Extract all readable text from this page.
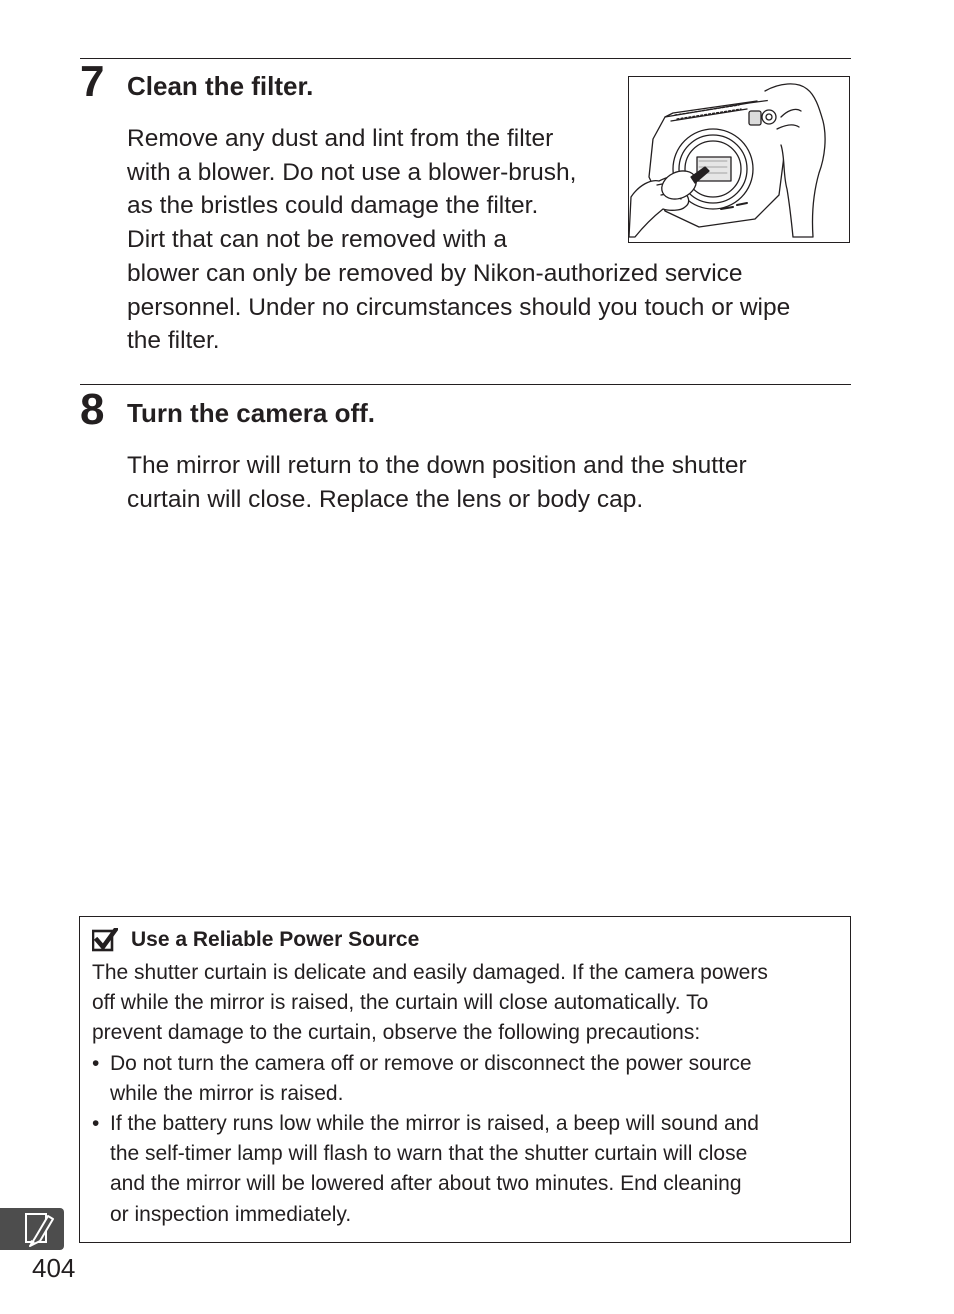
7 Clean the filter.
Remove any dust and lint from the filter
with a blower. Do not use a blower-brush,
as the bristles could damage the filter.
Dirt that can not be removed with a
blower can only be removed by Nikon-authorized service
personnel. Under no circumstances should you touch or wipe
the filter.
8 Turn the camera off.
The mirror will return to the down position and the shutter
curtain will close. Replace the lens or body cap.
Use a Reliable Power Source
The shutter curtain is delicate and easily damaged. If the camera powers
off while the mirror is raised, the curtain will close automatically. To
prevent damage to the curtain, observe the following precautions:
• Do not turn the camera off or remove or disconnect the power source
while the mirror is raised.
• If the battery runs low while the mirror is raised, a beep will sound and
the self-timer lamp will flash to warn that the shutter curtain will close
and the mirror will be lowered after about two minutes. End cleaning
or inspection immediately.
404
